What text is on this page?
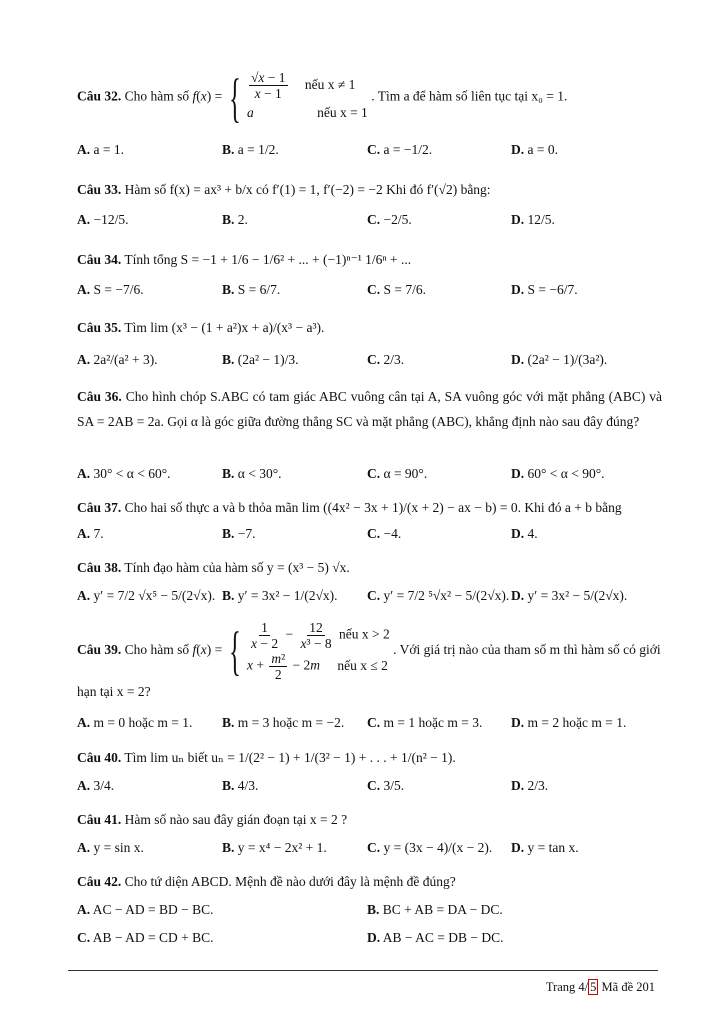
Câu 32. Cho hàm số f(x) = { $\frac{√x - 1}{x - 1}$ nếu x ≠ 1
a	nếu x = 1
. Tìm a để hàm số liên tục tại x₀ = 1.
A. a = 1.	B. a = 1/2.	C. a = −1/2.	D. a = 0.
Câu 33. Hàm số f(x) = ax³ + b/x có f′(1) = 1, f′(−2) = −2 Khi đó f′(√2) bằng:
A. −12/5.	B. 2.	C. −2/5.	D. 12/5.
Câu 34. Tính tổng S = −1 + 1/6 − 1/6² + ... + (−1)ⁿ⁻¹ 1/6ⁿ + ...
A. S = −7/6.	B. S = 6/7.	C. S = 7/6.	D. S = −6/7.
Câu 35. Tìm lim (x³ − (1 + a²)x + a)/(x³ − a³).
A. 2a²/(a² + 3).	B. (2a² − 1)/3.	C. 2/3.	D. (2a² − 1)/(3a²).
Câu 36. Cho hình chóp S.ABC có tam giác ABC vuông cân tại A, SA vuông góc với mặt phẳng (ABC) và SA = 2AB = 2a. Gọi α là góc giữa đường thẳng SC và mặt phẳng (ABC), khẳng định nào sau đây đúng?
A. 30° < α < 60°.	B. α < 30°.	C. α = 90°.	D. 60° < α < 90°.
Câu 37. Cho hai số thực a và b thỏa mãn lim ((4x² − 3x + 1)/(x + 2) − ax − b) = 0. Khi đó a + b bằng
A. 7.	B. −7.	C. −4.	D. 4.
Câu 38. Tính đạo hàm của hàm số y = (x³ − 5) √x.
A. y′ = 7/2 √x⁵ − 5/(2√x). B. y′ = 3x² − 1/(2√x). C. y′ = 7/2 ⁵√x² − 5/(2√x). D. y′ = 3x² − 5/(2√x).
Câu 39. Cho hàm số f(x) = { $\frac{1}{x - 2} - \frac{12}{\text{x³ − 8}}$ nếu x > 2
$x + \frac{\text{m²}}{2} - 2m$ nếu x ≤ 2
. Với giá trị nào của tham số m thì hàm số có giới hạn tại x = 2?
A. m = 0 hoặc m = 1. B. m = 3 hoặc m = −2. C. m = 1 hoặc m = 3. D. m = 2 hoặc m = 1.
Câu 40. Tìm lim uₙ biết uₙ = 1/(2² − 1) + 1/(3² − 1) + . . . + 1/(n² − 1).
A. 3/4.	B. 4/3.	C. 3/5.	D. 2/3.
Câu 41. Hàm số nào sau đây gián đoạn tại x = 2 ?
A. y = sin x.	B. y = x⁴ − 2x² + 1.	C. y = (3x − 4)/(x − 2). D. y = tan x.
Câu 42. Cho tứ diện ABCD. Mệnh đề nào dưới đây là mệnh đề đúng?
A. AC − AD = BD − BC.	B. BC + AB = DA − DC.
C. AB − AD = CD + BC.	D. AB − AC = DB − DC.
Trang 4/ 5 Mã đề 201
